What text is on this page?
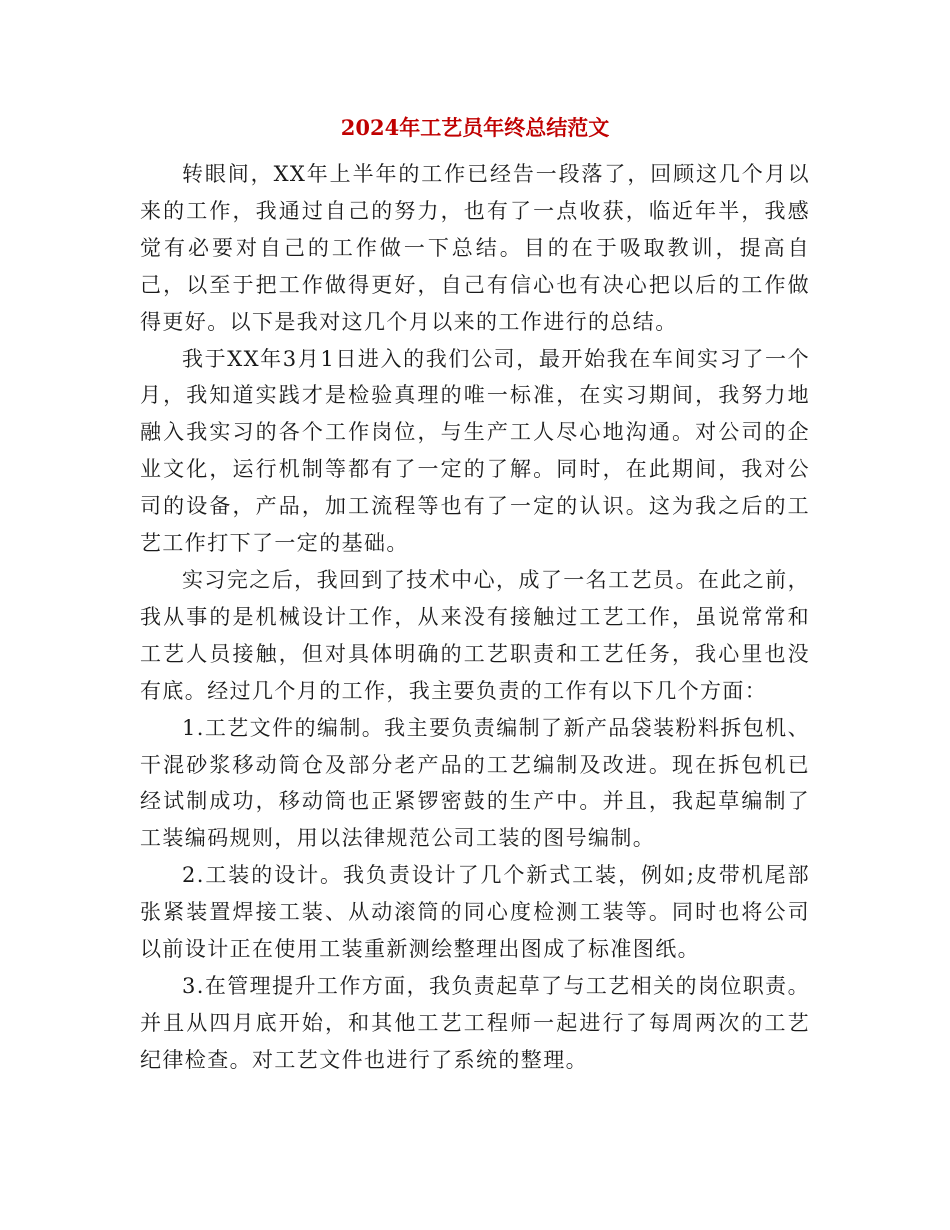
2024年工艺员年终总结范文

转眼间，XX年上半年的工作已经告一段落了，回顾这几个月以来的工作，我通过自己的努力，也有了一点收获，临近年半，我感觉有必要对自己的工作做一下总结。目的在于吸取教训，提高自己，以至于把工作做得更好，自己有信心也有决心把以后的工作做得更好。以下是我对这几个月以来的工作进行的总结。

我于XX年3月1日进入的我们公司，最开始我在车间实习了一个月，我知道实践才是检验真理的唯一标准，在实习期间，我努力地融入我实习的各个工作岗位，与生产工人尽心地沟通。对公司的企业文化，运行机制等都有了一定的了解。同时，在此期间，我对公司的设备，产品，加工流程等也有了一定的认识。这为我之后的工艺工作打下了一定的基础。

实习完之后，我回到了技术中心，成了一名工艺员。在此之前，我从事的是机械设计工作，从来没有接触过工艺工作，虽说常常和工艺人员接触，但对具体明确的工艺职责和工艺任务，我心里也没有底。经过几个月的工作，我主要负责的工作有以下几个方面：

1.工艺文件的编制。我主要负责编制了新产品袋装粉料拆包机、干混砂浆移动筒仓及部分老产品的工艺编制及改进。现在拆包机已经试制成功，移动筒也正紧锣密鼓的生产中。并且，我起草编制了工装编码规则，用以法律规范公司工装的图号编制。

2.工装的设计。我负责设计了几个新式工装，例如;皮带机尾部张紧装置焊接工装、从动滚筒的同心度检测工装等。同时也将公司以前设计正在使用工装重新测绘整理出图成了标准图纸。

3.在管理提升工作方面，我负责起草了与工艺相关的岗位职责。并且从四月底开始，和其他工艺工程师一起进行了每周两次的工艺纪律检查。对工艺文件也进行了系统的整理。
